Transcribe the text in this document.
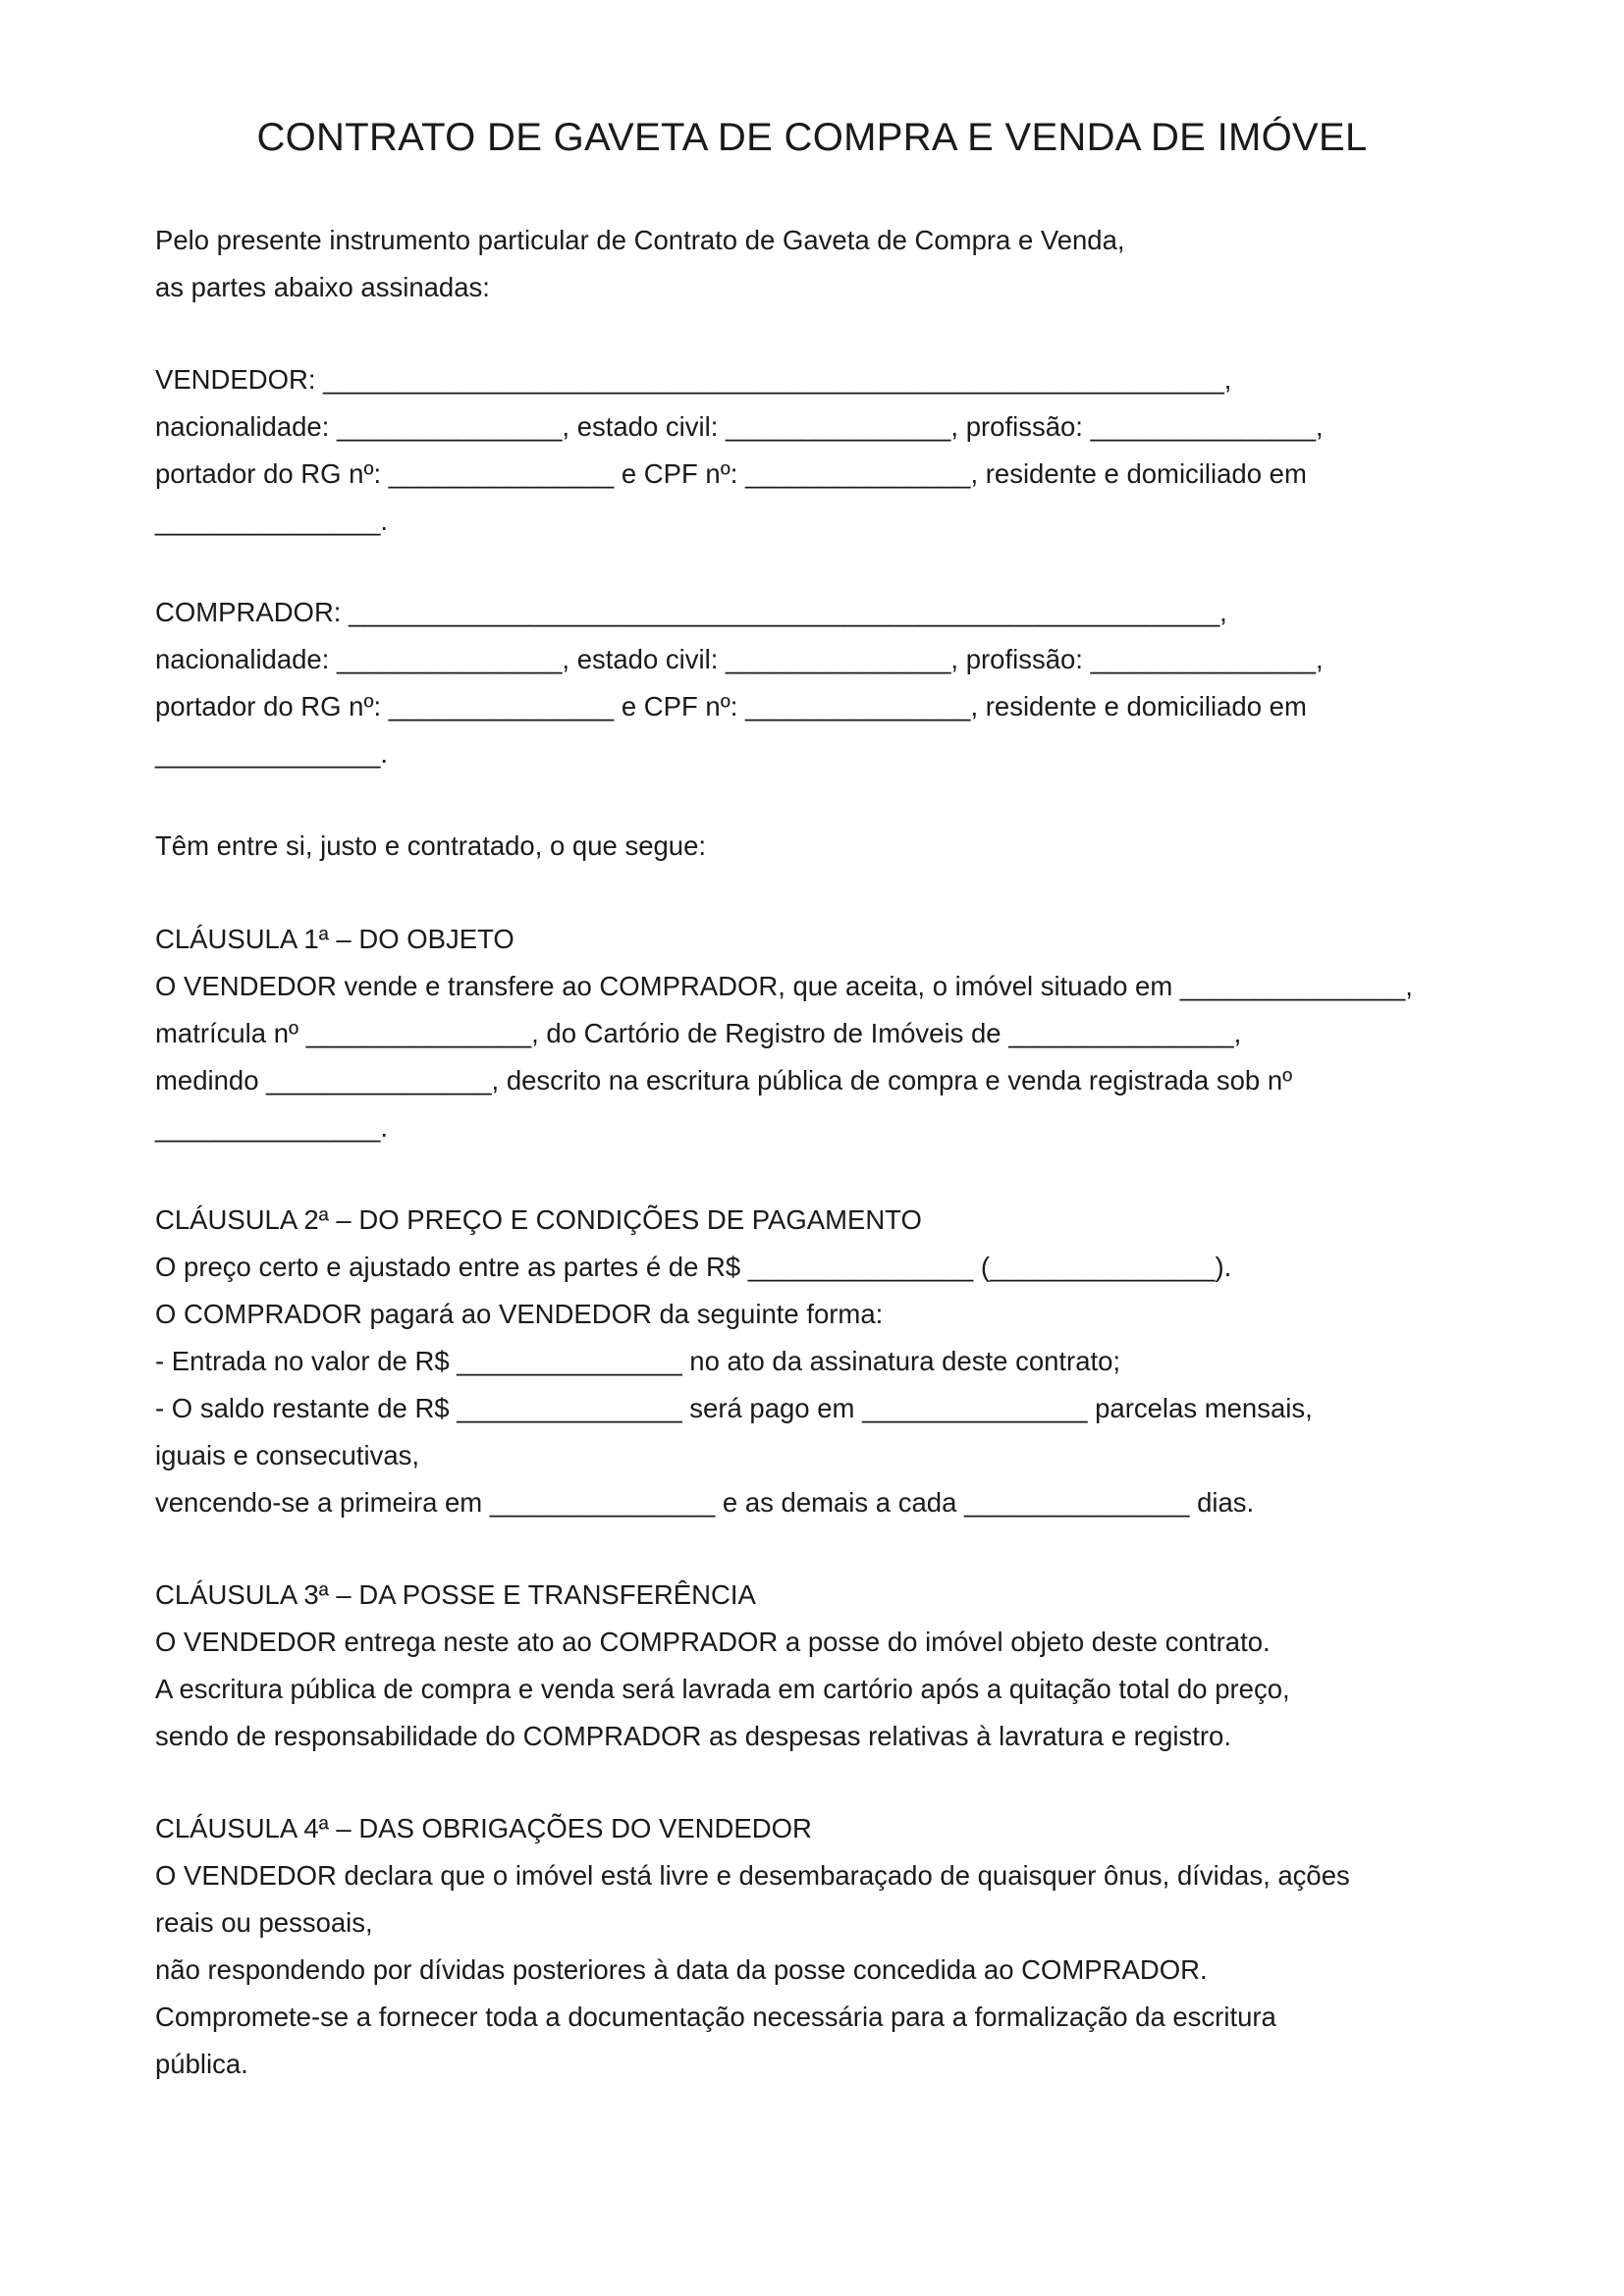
CONTRATO DE GAVETA DE COMPRA E VENDA DE IMÓVEL

Pelo presente instrumento particular de Contrato de Gaveta de Compra e Venda,

as partes abaixo assinadas:

VENDEDOR: ____________________________________________________________,

nacionalidade: _______________, estado civil: _______________, profissão: _______________,

portador do RG nº: _______________ e CPF nº: _______________, residente e domiciliado em

_______________.

COMPRADOR: __________________________________________________________,

nacionalidade: _______________, estado civil: _______________, profissão: _______________,

portador do RG nº: _______________ e CPF nº: _______________, residente e domiciliado em

_______________.

Têm entre si, justo e contratado, o que segue:

CLÁUSULA 1ª – DO OBJETO

O VENDEDOR vende e transfere ao COMPRADOR, que aceita, o imóvel situado em _______________,

matrícula nº _______________, do Cartório de Registro de Imóveis de _______________,

medindo _______________, descrito na escritura pública de compra e venda registrada sob nº

_______________.

CLÁUSULA 2ª – DO PREÇO E CONDIÇÕES DE PAGAMENTO

O preço certo e ajustado entre as partes é de R$ _______________ (_______________).

O COMPRADOR pagará ao VENDEDOR da seguinte forma:

- Entrada no valor de R$ _______________ no ato da assinatura deste contrato;

- O saldo restante de R$ _______________ será pago em _______________ parcelas mensais,

iguais e consecutivas,

vencendo-se a primeira em _______________ e as demais a cada _______________ dias.

CLÁUSULA 3ª – DA POSSE E TRANSFERÊNCIA

O VENDEDOR entrega neste ato ao COMPRADOR a posse do imóvel objeto deste contrato.

A escritura pública de compra e venda será lavrada em cartório após a quitação total do preço,

sendo de responsabilidade do COMPRADOR as despesas relativas à lavratura e registro.

CLÁUSULA 4ª – DAS OBRIGAÇÕES DO VENDEDOR

O VENDEDOR declara que o imóvel está livre e desembaraçado de quaisquer ônus, dívidas, ações

reais ou pessoais,

não respondendo por dívidas posteriores à data da posse concedida ao COMPRADOR.

Compromete-se a fornecer toda a documentação necessária para a formalização da escritura

pública.
